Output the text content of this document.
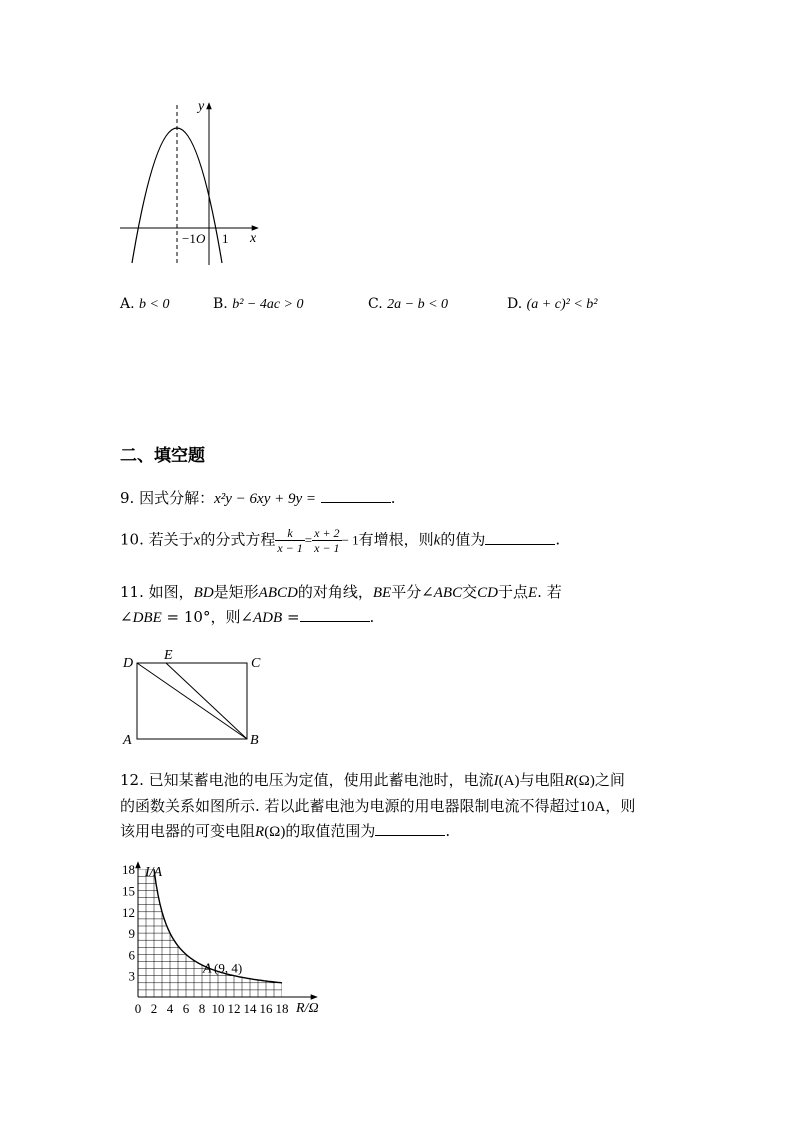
y
x
−1 O 1
A. b < 0	B. b² − 4ac > 0	C. 2a − b < 0	D. (a + c)² < b²
二、填空题
9. 因式分解：x²y − 6xy + 9y =	.
10. 若关于x的分式方程 $\frac{k}{x - 1} = \frac{x + 2}{x - 1} - 1$有增根，则k的值为	.
11. 如图，BD是矩形ABCD的对角线，BE平分∠ABC交CD于点E. 若
∠DBE = 10°，则∠ADB =	.
D
E
C
A	B
12. 已知某蓄电池的电压为定值，使用此蓄电池时，电流I(A)与电阻R(Ω)之间
的函数关系如图所示. 若以此蓄电池为电源的用电器限制电流不得超过10A，则
该用电器的可变电阻R(Ω)的取值范围为	.
0 2 4 6 8 10 12 14 16 18
3
6
9
12
15
18 I/A
R/Ω
A (9, 4)
